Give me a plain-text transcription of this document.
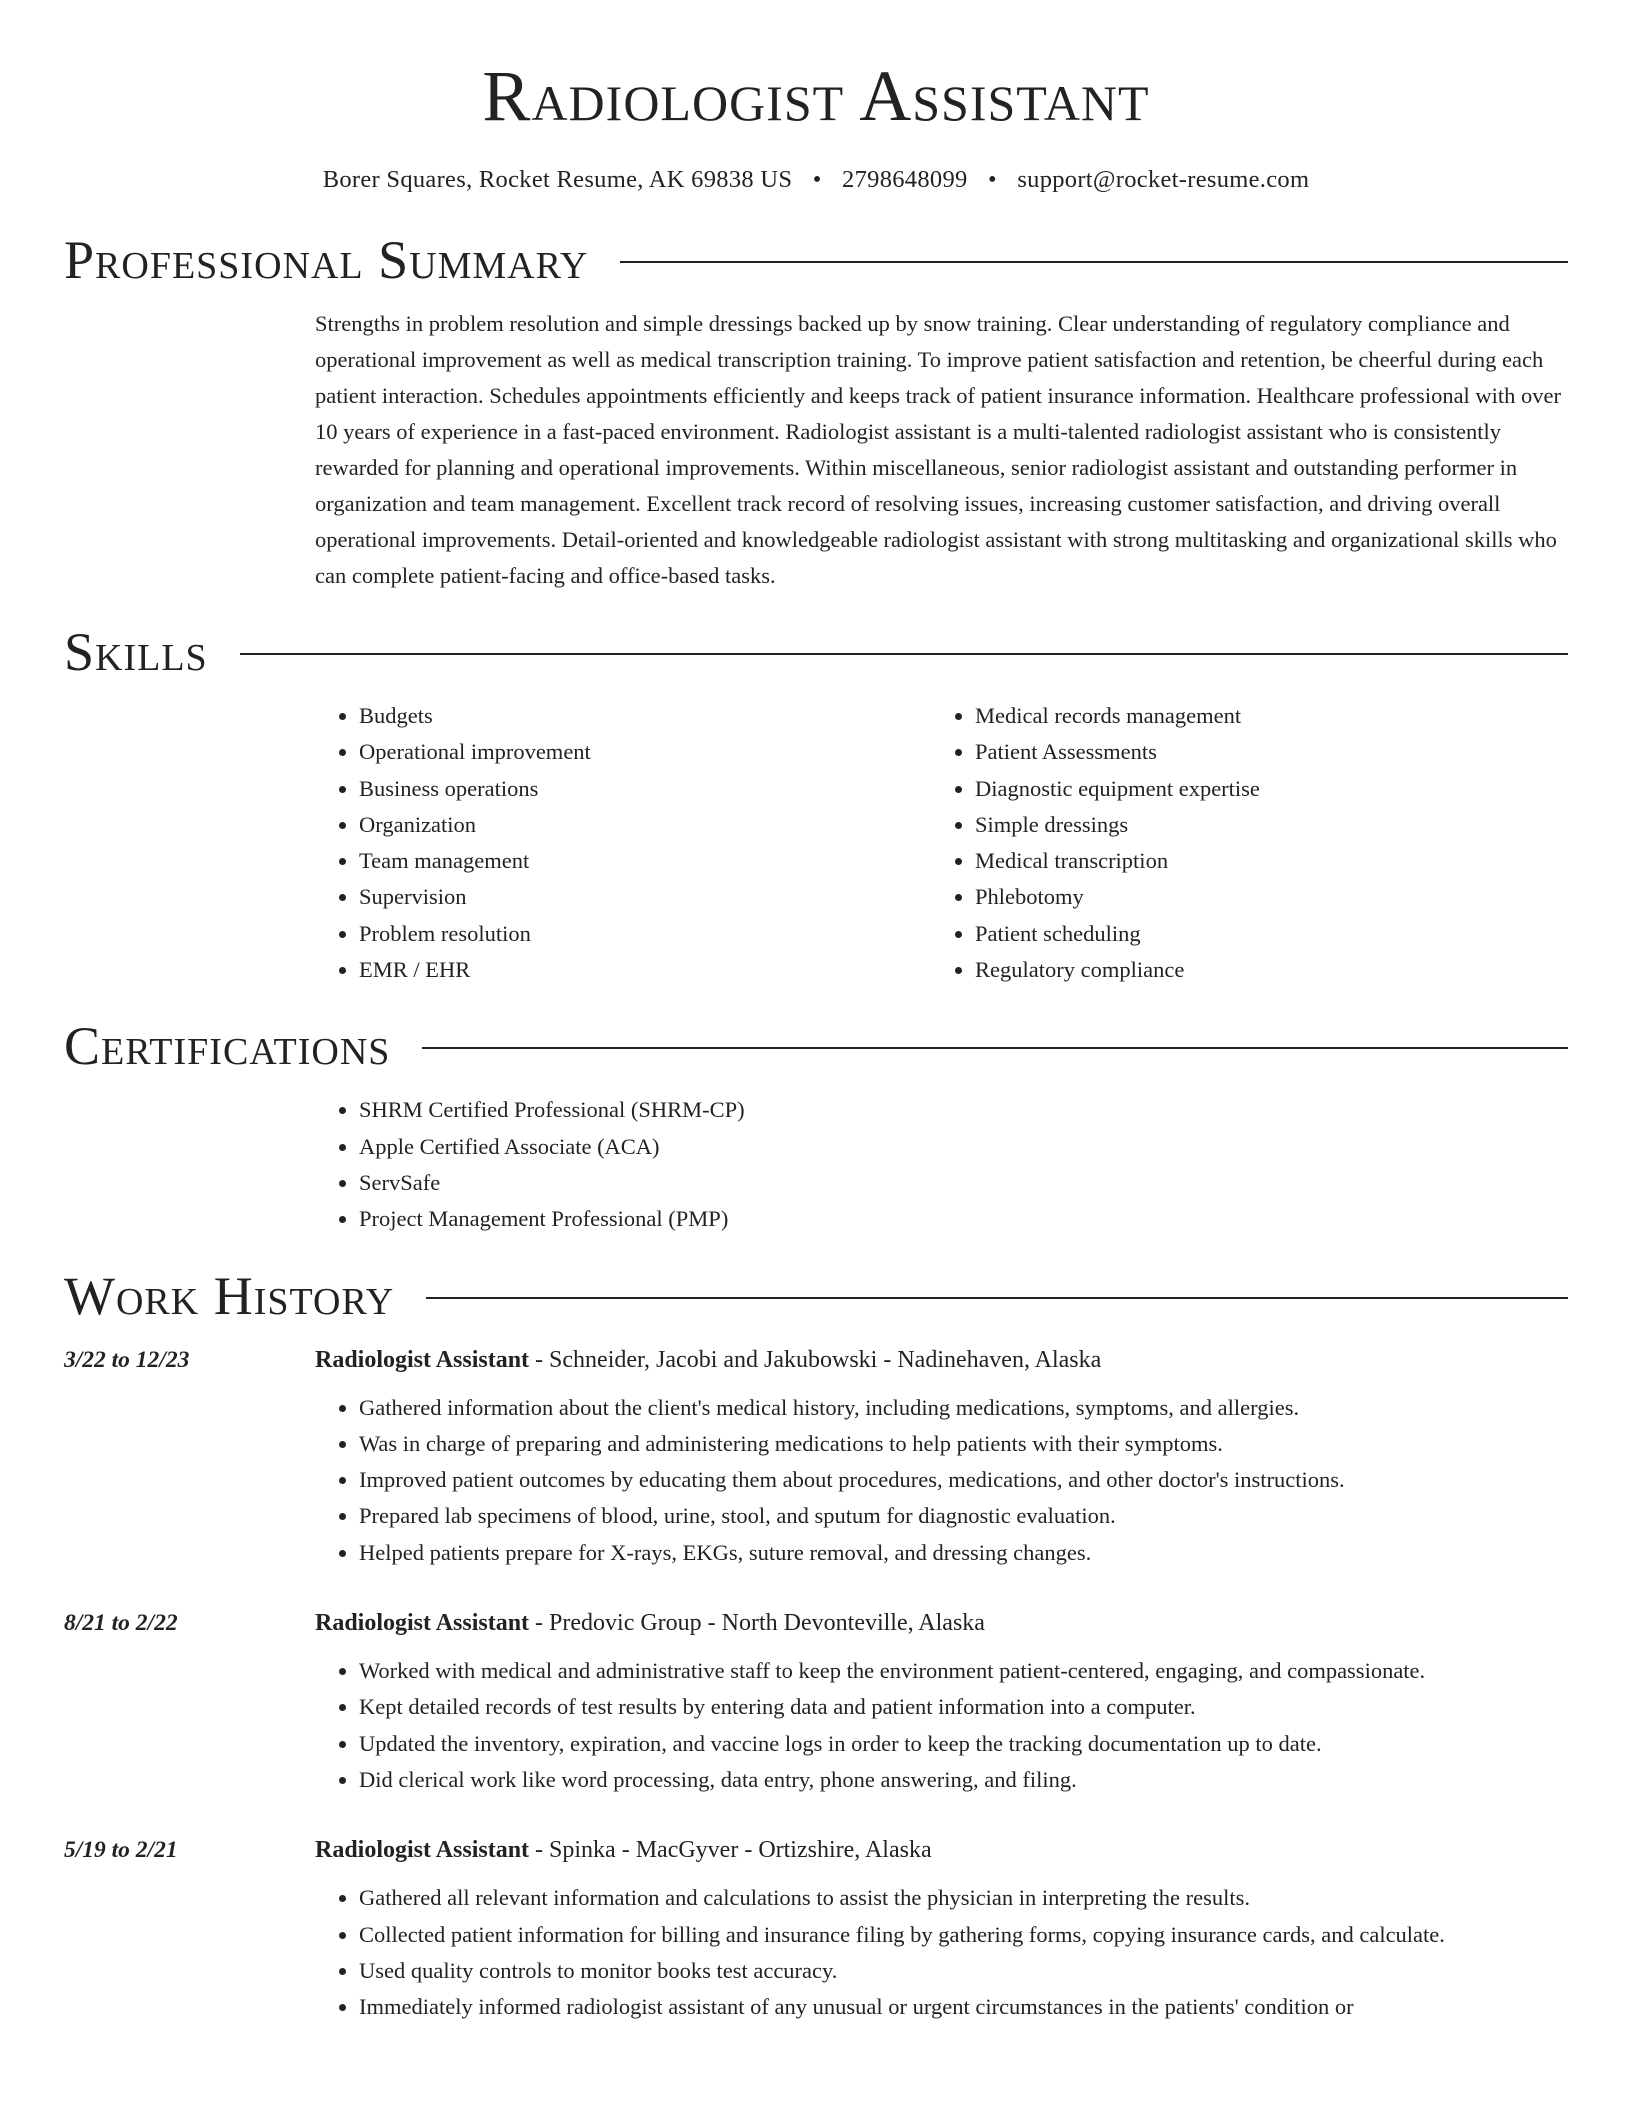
Radiologist Assistant
Borer Squares, Rocket Resume, AK 69838 US • 2798648099 • support@rocket-resume.com
Professional Summary
Strengths in problem resolution and simple dressings backed up by snow training. Clear understanding of regulatory compliance and operational improvement as well as medical transcription training. To improve patient satisfaction and retention, be cheerful during each patient interaction. Schedules appointments efficiently and keeps track of patient insurance information. Healthcare professional with over 10 years of experience in a fast-paced environment. Radiologist assistant is a multi-talented radiologist assistant who is consistently rewarded for planning and operational improvements. Within miscellaneous, senior radiologist assistant and outstanding performer in organization and team management. Excellent track record of resolving issues, increasing customer satisfaction, and driving overall operational improvements. Detail-oriented and knowledgeable radiologist assistant with strong multitasking and organizational skills who can complete patient-facing and office-based tasks.
Skills
• Budgets
• Operational improvement
• Business operations
• Organization
• Team management
• Supervision
• Problem resolution
• EMR / EHR
• Medical records management
• Patient Assessments
• Diagnostic equipment expertise
• Simple dressings
• Medical transcription
• Phlebotomy
• Patient scheduling
• Regulatory compliance
Certifications
• SHRM Certified Professional (SHRM-CP)
• Apple Certified Associate (ACA)
• ServSafe
• Project Management Professional (PMP)
Work History
3/22 to 12/23	Radiologist Assistant - Schneider, Jacobi and Jakubowski - Nadinehaven, Alaska
• Gathered information about the client's medical history, including medications, symptoms, and allergies.
• Was in charge of preparing and administering medications to help patients with their symptoms.
• Improved patient outcomes by educating them about procedures, medications, and other doctor's instructions.
• Prepared lab specimens of blood, urine, stool, and sputum for diagnostic evaluation.
• Helped patients prepare for X-rays, EKGs, suture removal, and dressing changes.
8/21 to 2/22	Radiologist Assistant - Predovic Group - North Devonteville, Alaska
• Worked with medical and administrative staff to keep the environment patient-centered, engaging, and compassionate.
• Kept detailed records of test results by entering data and patient information into a computer.
• Updated the inventory, expiration, and vaccine logs in order to keep the tracking documentation up to date.
• Did clerical work like word processing, data entry, phone answering, and filing.
5/19 to 2/21	Radiologist Assistant - Spinka - MacGyver - Ortizshire, Alaska
• Gathered all relevant information and calculations to assist the physician in interpreting the results.
• Collected patient information for billing and insurance filing by gathering forms, copying insurance cards, and calculate.
• Used quality controls to monitor books test accuracy.
• Immediately informed radiologist assistant of any unusual or urgent circumstances in the patients' condition or
